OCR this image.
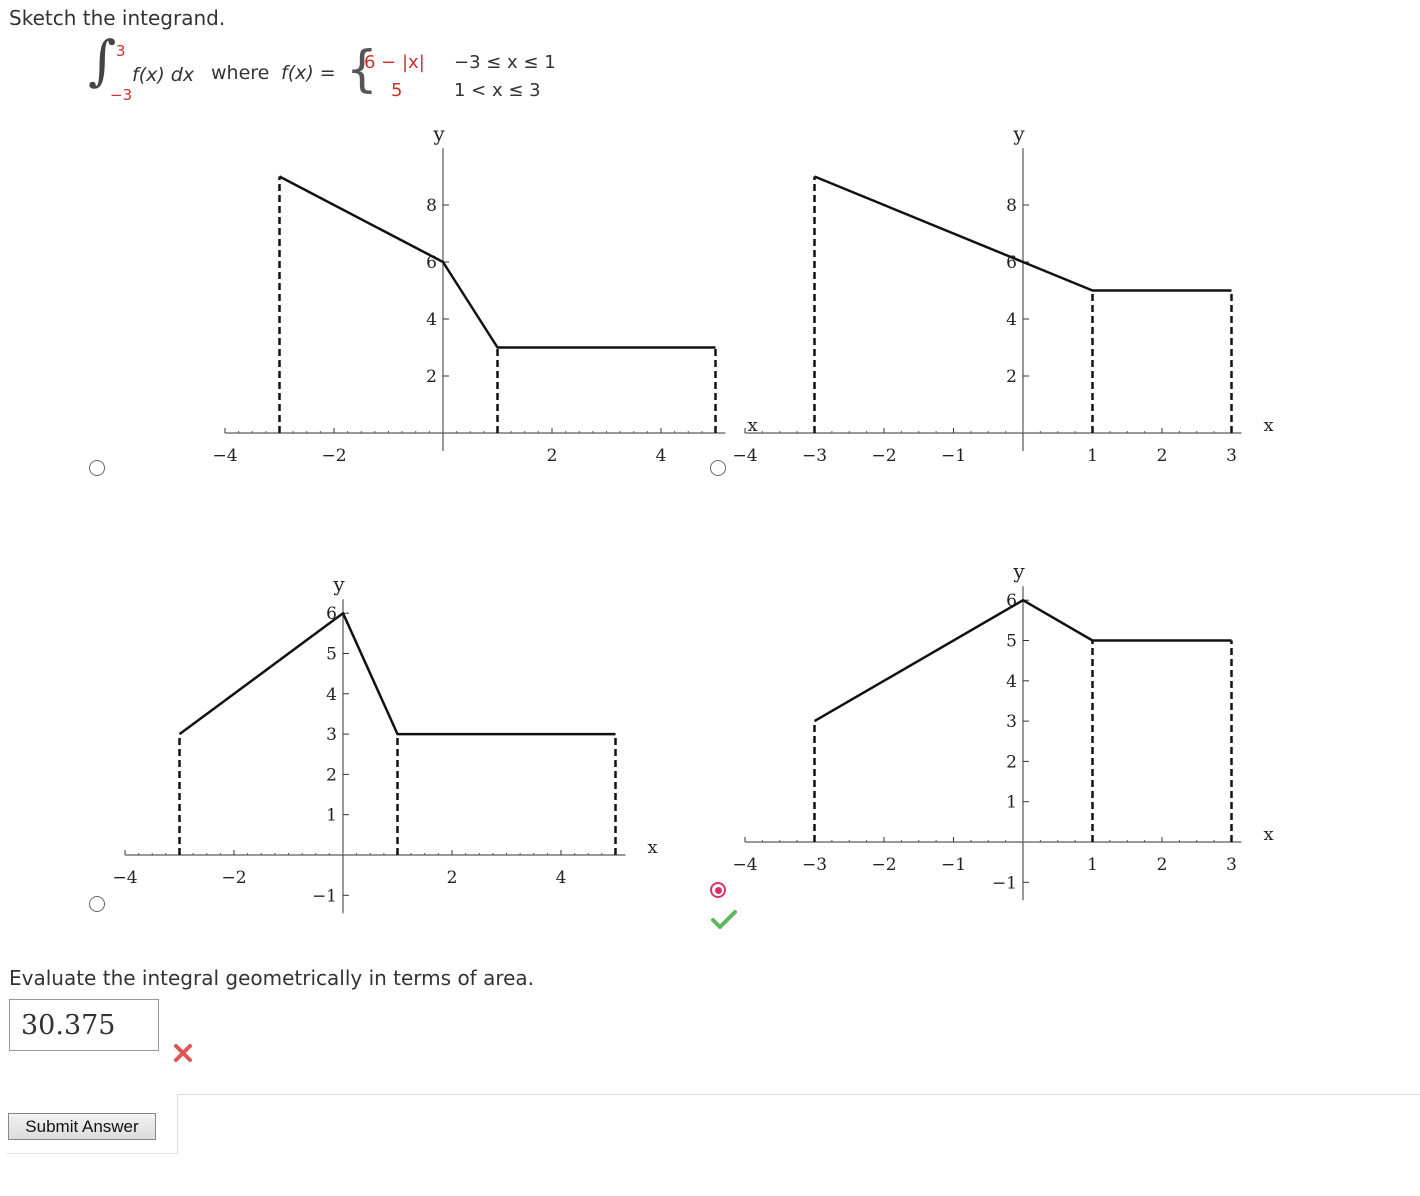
Sketch the integrand.
∫ 3
−3
f(x) dx where f(x) = {
6 − |x| −3 ≤ x ≤ 1
5	1 < x ≤ 3
−4	−2	2	4
2
4
6
8
x
y
−4	−3	−2	−1	1	2	3
2
4
6
8
x
y
−4	−2	2	4
−1
1
2
3
4
5
6
x
y
−4	−3	−2	−1	1	2	3
−1
1
2
3
4
5
6
x
y
Evaluate the integral geometrically in terms of area.
30.375
Submit Answer
